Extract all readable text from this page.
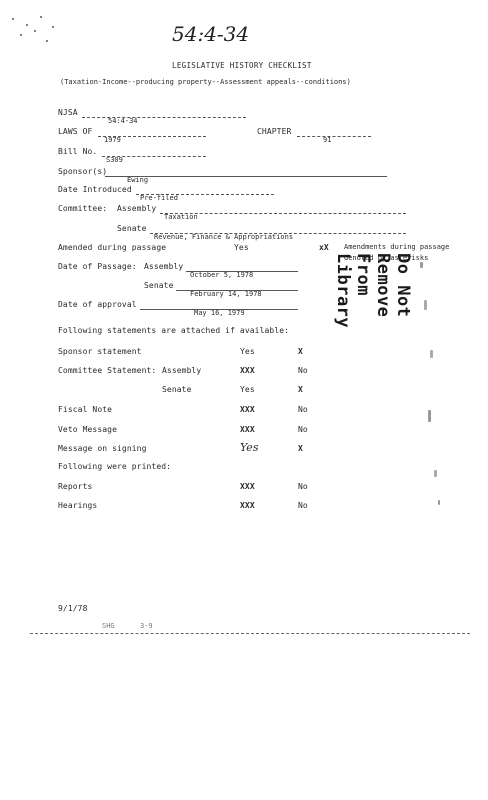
54:4-34
LEGISLATIVE HISTORY CHECKLIST
(Taxation-Income--producing property--Assessment appeals--conditions)
NJSA
54:4-34
LAWS OF
1979
CHAPTER
91
Bill No.
S309
Sponsor(s)
Ewing
Date Introduced
Pre-filed
Committee: Assembly
Taxation
Senate
Revenue, Finance & Appropriations
Amended during passage	Yes	xX Amendments during passage
denoted by asterisks
Date of Passage: Assembly
October 5, 1978
Senate
February 14, 1978
Date of approval
May 16, 1979
Following statements are attached if available:
Sponsor statement	Yes	X
Committee Statement: Assembly	XXX	No
Senate	Yes	X
Fiscal Note	XXX	No
Veto Message	XXX	No
Message on signing	Yes	X
Following were printed:
Reports	XXX	No
Hearings	XXX	No
Do Not Remove From Library
9/1/78
SHG	3-9
